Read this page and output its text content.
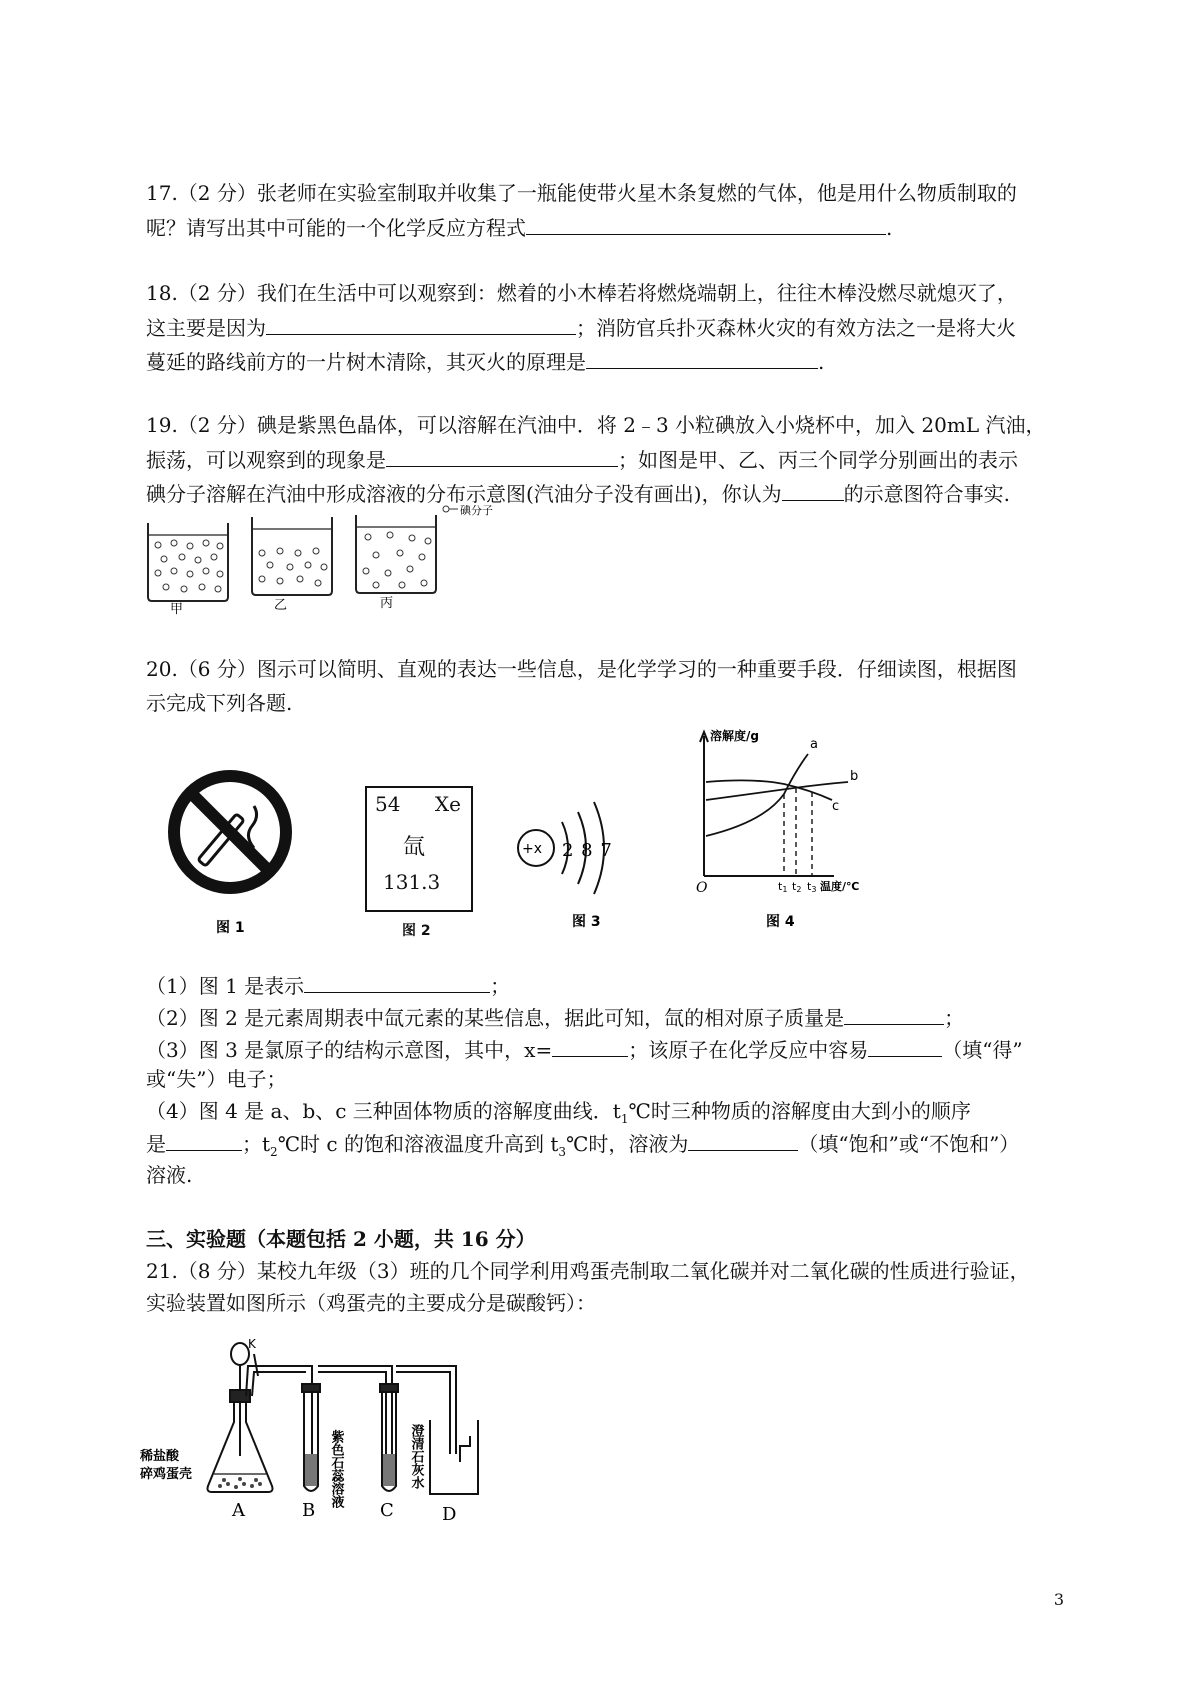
17.（2 分）张老师在实验室制取并收集了一瓶能使带火星木条复燃的气体，他是用什么物质制取的
呢？请写出其中可能的一个化学反应方程式	.
18.（2 分）我们在生活中可以观察到：燃着的小木棒若将燃烧端朝上，往往木棒没燃尽就熄灭了，
这主要是因为	；消防官兵扑灭森林火灾的有效方法之一是将大火
蔓延的路线前方的一片树木清除，其灭火的原理是	.
19.（2 分）碘是紫黑色晶体，可以溶解在汽油中．将 2﹣3 小粒碘放入小烧杯中，加入 20mL 汽油，
振荡，可以观察到的现象是	；如图是甲、乙、丙三个同学分别画出的表示
碘分子溶解在汽油中形成溶液的分布示意图(汽油分子没有画出)，你认为	的示意图符合事实.
甲	乙	丙
碘分子
20.（6 分）图示可以简明、直观的表达一些信息，是化学学习的一种重要手段．仔细读图，根据图
示完成下列各题.
图 1
54 Xe
氙
131.3
图 2
+x 2 8 7
图 3
溶解度/g
O
a
b
c
t1 t2 t3 温度/℃
图 4
（1）图 1 是表示	；
（2）图 2 是元素周期表中氙元素的某些信息，据此可知，氙的相对原子质量是	；
（3）图 3 是氯原子的结构示意图，其中，x=	；该原子在化学反应中容易	（填“得”
或“失”）电子；
（4）图 4 是 a、b、c 三种固体物质的溶解度曲线．$t_1℃$时三种物质的溶解度由大到小的顺序
是	；$t_2℃$时 c 的饱和溶液温度升高到 $t_3℃$时，溶液为	（填“饱和”或“不饱和”）
溶液.
三、实验题（本题包括 2 小题，共 16 分）
21.（8 分）某校九年级（3）班的几个同学利用鸡蛋壳制取二氧化碳并对二氧化碳的性质进行验证，
实验装置如图所示（鸡蛋壳的主要成分是碳酸钙）：
K
稀盐酸
碎鸡蛋壳	紫色石蕊溶液	澄清石灰水
A	B	C	D
3
